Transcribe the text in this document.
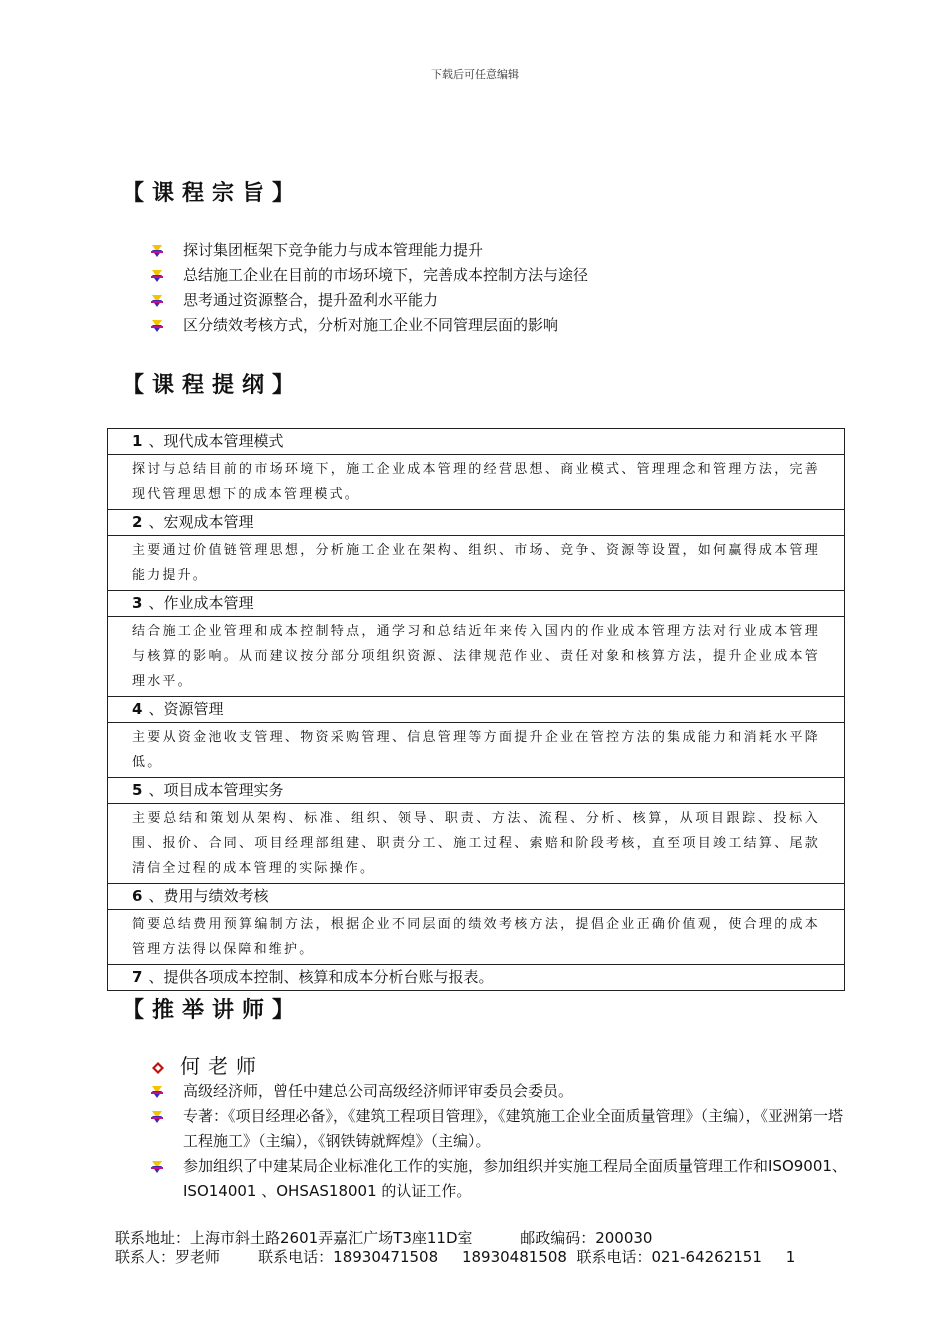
下载后可任意编辑
【课程宗旨】
探讨集团框架下竞争能力与成本管理能力提升
总结施工企业在目前的市场环境下，完善成本控制方法与途径
思考通过资源整合，提升盈利水平能力
区分绩效考核方式，分析对施工企业不同管理层面的影响
【课程提纲】
1 、现代成本管理模式
探讨与总结目前的市场环境下，施工企业成本管理的经营思想、商业模式、管理理念和管理方法，完善现代管理思想下的成本管理模式。
2 、宏观成本管理
主要通过价值链管理思想，分析施工企业在架构、组织、市场、竞争、资源等设置，如何赢得成本管理能力提升。
3 、作业成本管理
结合施工企业管理和成本控制特点，通学习和总结近年来传入国内的作业成本管理方法对行业成本管理与核算的影响。从而建议按分部分项组织资源、法律规范作业、责任对象和核算方法，提升企业成本管理水平。
4 、资源管理
主要从资金池收支管理、物资采购管理、信息管理等方面提升企业在管控方法的集成能力和消耗水平降低。
5 、项目成本管理实务
主要总结和策划从架构、标准、组织、领导、职责、方法、流程、分析、核算，从项目跟踪、投标入围、报价、合同、项目经理部组建、职责分工、施工过程、索赔和阶段考核，直至项目竣工结算、尾款清信全过程的成本管理的实际操作。
6 、费用与绩效考核
简要总结费用预算编制方法，根据企业不同层面的绩效考核方法，提倡企业正确价值观，使合理的成本管理方法得以保障和维护。
7 、提供各项成本控制、核算和成本分析台账与报表。
【推举讲师】
何老师
高级经济师，曾任中建总公司高级经济师评审委员会委员。
专著：《项目经理必备》，《建筑工程项目管理》，《建筑施工企业全面质量管理》（主编），《亚洲第一塔工程施工》（主编），《钢铁铸就辉煌》（主编）。
参加组织了中建某局企业标准化工作的实施，参加组织并实施工程局全面质量管理工作和ISO9001、ISO14001 、OHSAS18001 的认证工作。
联系地址：上海市斜土路2601弄嘉汇广场T3座11D室          邮政编码：200030
联系人：罗老师        联系电话：18930471508     18930481508  联系电话：021-64262151     1
